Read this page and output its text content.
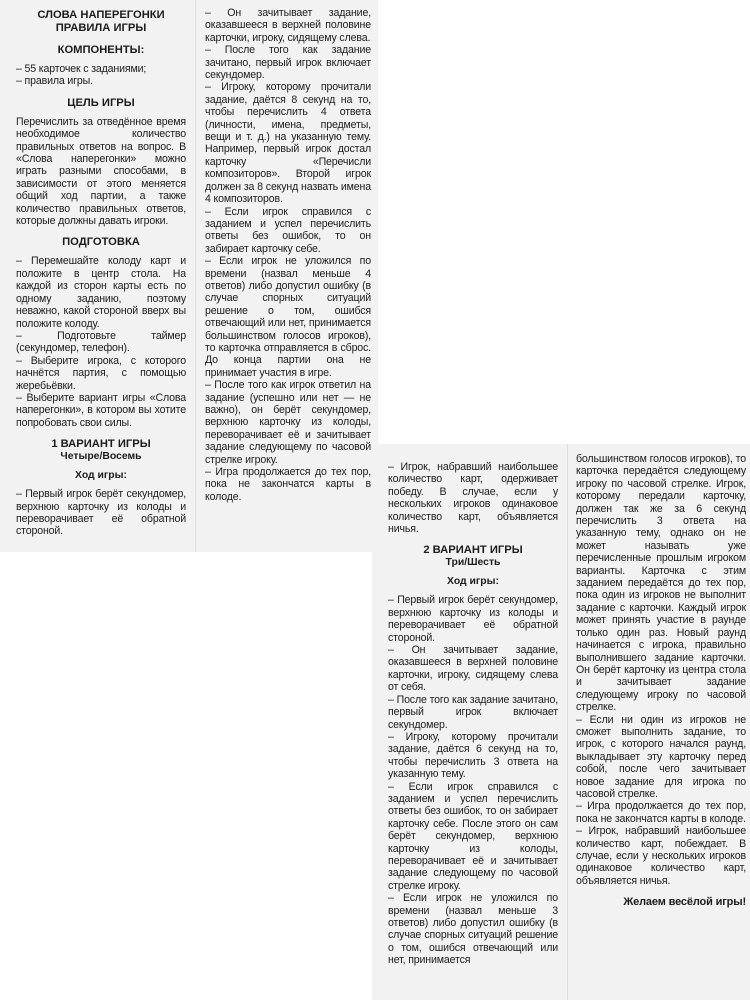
СЛОВА НАПЕРЕГОНКИ
ПРАВИЛА ИГРЫ
КОМПОНЕНТЫ:

– 55 карточек с заданиями;

– правила игры.

ЦЕЛЬ ИГРЫ

Перечислить за отведённое время необходимое количество правильных ответов на вопрос. В «Слова наперегонки» можно играть разными способами, в зависимости от этого меняется общий ход партии, а также количество правильных ответов, которые должны давать игроки.

ПОДГОТОВКА

– Перемешайте колоду карт и положите в центр стола. На каждой из сторон карты есть по одному заданию, поэтому неважно, какой стороной вверх вы положите колоду.

– Подготовьте таймер (секундомер, телефон).

– Выберите игрока, с которого начнётся партия, с помощью жеребьёвки.

– Выберите вариант игры «Слова наперегонки», в котором вы хотите попробовать свои силы.

1 ВАРИАНТ ИГРЫ
Четыре/Восемь
Ход игры:

– Первый игрок берёт секундомер, верхнюю карточку из колоды и переворачивает её обратной стороной.

– Он зачитывает задание, оказавшееся в верхней половине карточки, игроку, сидящему слева.

– После того как задание зачитано, первый игрок включает секундомер.

– Игроку, которому прочитали задание, даётся 8 секунд на то, чтобы перечислить 4 ответа (личности, имена, предметы, вещи и т. д.) на указанную тему. Например, первый игрок достал карточку «Перечисли композиторов». Второй игрок должен за 8 секунд назвать имена 4 композиторов.

– Если игрок справился с заданием и успел перечислить ответы без ошибок, то он забирает карточку себе.

– Если игрок не уложился по времени (назвал меньше 4 ответов) либо допустил ошибку (в случае спорных ситуаций решение о том, ошибся отвечающий или нет, принимается большинством голосов игроков), то карточка отправляется в сброс. До конца партии она не принимает участия в игре.

– После того как игрок ответил на задание (успешно или нет — не важно), он берёт секундомер, верхнюю карточку из колоды, переворачивает её и зачитывает задание следующему по часовой стрелке игроку.

– Игра продолжается до тех пор, пока не закончатся карты в колоде.

– Игрок, набравший наибольшее количество карт, одерживает победу. В случае, если у нескольких игроков одинаковое количество карт, объявляется ничья.

2 ВАРИАНТ ИГРЫ
Три/Шесть
Ход игры:

– Первый игрок берёт секундомер, верхнюю карточку из колоды и переворачивает её обратной стороной.

– Он зачитывает задание, оказавшееся в верхней половине карточки, игроку, сидящему слева от себя.

– После того как задание зачитано, первый игрок включает секундомер.

– Игроку, которому прочитали задание, даётся 6 секунд на то, чтобы перечислить 3 ответа на указанную тему.

– Если игрок справился с заданием и успел перечислить ответы без ошибок, то он забирает карточку себе. После этого он сам берёт секундомер, верхнюю карточку из колоды, переворачивает её и зачитывает задание следующему по часовой стрелке игроку.

– Если игрок не уложился по времени (назвал меньше 3 ответов) либо допустил ошибку (в случае спорных ситуаций решение о том, ошибся отвечающий или нет, принимается

большинством голосов игроков), то карточка передаётся следующему игроку по часовой стрелке. Игрок, которому передали карточку, должен так же за 6 секунд перечислить 3 ответа на указанную тему, однако он не может называть уже перечисленные прошлым игроком варианты. Карточка с этим заданием передаётся до тех пор, пока один из игроков не выполнит задание с карточки. Каждый игрок может принять участие в раунде только один раз. Новый раунд начинается с игрока, правильно выполнившего задание карточки. Он берёт карточку из центра стола и зачитывает задание следующему игроку по часовой стрелке.

– Если ни один из игроков не сможет выполнить задание, то игрок, с которого начался раунд, выкладывает эту карточку перед собой, после чего зачитывает новое задание для игрока по часовой стрелке.

– Игра продолжается до тех пор, пока не закончатся карты в колоде.

– Игрок, набравший наибольшее количество карт, побеждает. В случае, если у нескольких игроков одинаковое количество карт, объявляется ничья.

Желаем весёлой игры!
